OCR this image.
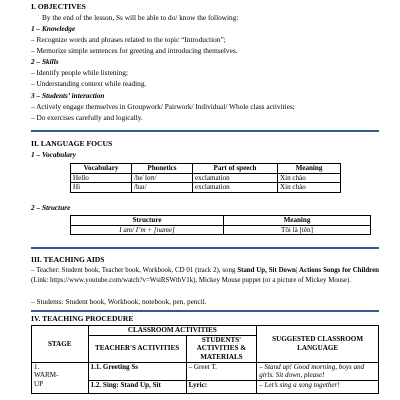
I. OBJECTIVES
By the end of the lesson, Ss will be able to do/ know the following:
1 – Knowledge
– Recognize words and phrases related to the topic “Introduction”;
– Memorize simple sentences for greeting and introducing themselves.
2 – Skills
– Identify people while listening;
– Understanding context while reading.
3 – Students’ interaction
– Actively engage themselves in Groupwork/ Pairwork/ Individual/ Whole class activities;
– Do exercises carefully and logically.
II. LANGUAGE FOCUS
1 – Vocabulary
Vocabulary	Phonetics	Part of speech	Meaning
Hello	/heˈloʊ/	exclamation	Xin chào
Hi	/haɪ/	exclamation	Xin chào
2 – Structure
Structure	Meaning
I am/ I’m + [name]	Tôi là [tên]
III. TEACHING AIDS
– Teacher: Student book, Teacher book, Workbook, CD 01 (track 2), song Stand Up, Sit Down| Actions Songs for Children (Link: https://www.youtube.com/watch?v=WsiRSWthV1k), Mickey Mouse puppet (or a picture of Mickey Mouse).
– Students: Student book, Workbook, notebook, pen, pencil.
IV. TEACHING PROCEDURE
STAGE	CLASSROOM ACTIVITIES		SUGGESTED CLASSROOM LANGUAGE
	TEACHER'S ACTIVITIES	STUDENTS' ACTIVITIES & MATERIALS	
1.
WARM-
UP	1.1. Greeting Ss	– Greet T.	– Stand up! Good morning, boys and girls. Sit down, please!
	1.2. Sing: Stand Up, Sit	Lyric:	– Let’s sing a song together!
